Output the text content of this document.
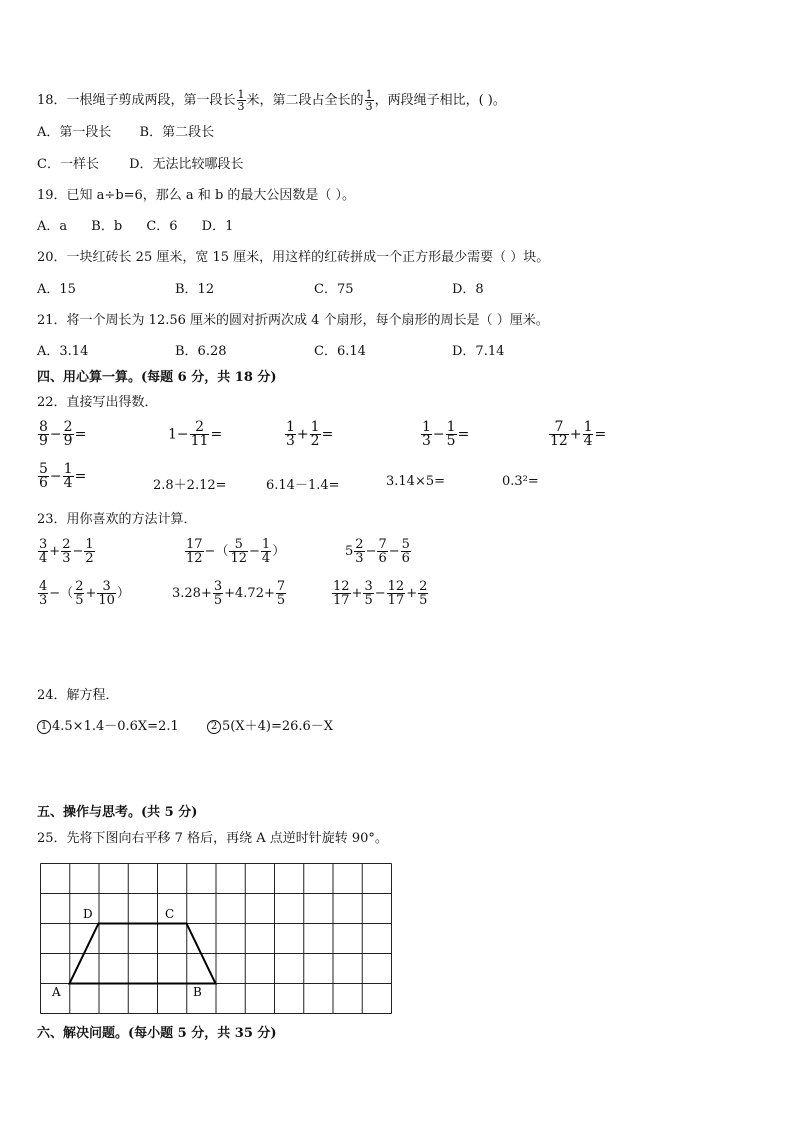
18．一根绳子剪成两段，第一段长 $\frac{1}{3}$ 米，第二段占全长的 $\frac{1}{3}$ ，两段绳子相比，( )。
A．第一段长 B．第二段长
C．一样长 D．无法比较哪段长
19．已知 a÷b=6，那么 a 和 b 的最大公因数是（ ）。
A．a B．b C．6 D．1
20．一块红砖长 25 厘米，宽 15 厘米，用这样的红砖拼成一个正方形最少需要（ ）块。
A．15	B．12	C．75	D．8
21．将一个周长为 12.56 厘米的圆对折两次成 4 个扇形，每个扇形的周长是（ ）厘米。
A．3.14	B．6.28	C．6.14	D．7.14
四、用心算一算。(每题 6 分，共 18 分)
22．直接写出得数．
$\frac{8}{9} - \frac{2}{9}$ =	$1- \frac{2}{11}$ =	$\frac{1}{3} + \frac{1}{2}$ =	$\frac{1}{3} - \frac{1}{5}$ =	$\frac{7}{12} + \frac{1}{4}$ =
$\frac{5}{6} - \frac{1}{4}$ =
2.8＋2.12=	6.14－1.4=	3.14×5=	0.3²=
23．用你喜欢的方法计算．
$\frac{3}{4} + \frac{2}{3} - \frac{1}{2}$	$\frac{17}{12}$ −（ $\frac{5}{12} - \frac{1}{4}$ ）	$5 \frac{2}{3} - \frac{7}{6} - \frac{5}{6}$
$\frac{4}{3}$ −（ $\frac{2}{5} + \frac{3}{10}$ ）	$3.28+ \frac{3}{5} +4.72+ \frac{7}{5}$	$\frac{12}{17} + \frac{3}{5} - \frac{12}{17} + \frac{2}{5}$
24．解方程．
1 4.5×1.4－0.6X=2.1	2 5(X＋4)=26.6－X
五、操作与思考。(共 5 分)
25．先将下图向右平移 7 格后，再绕 A 点逆时针旋转 90°。
D	C
A	B
六、解决问题。(每小题 5 分，共 35 分)
